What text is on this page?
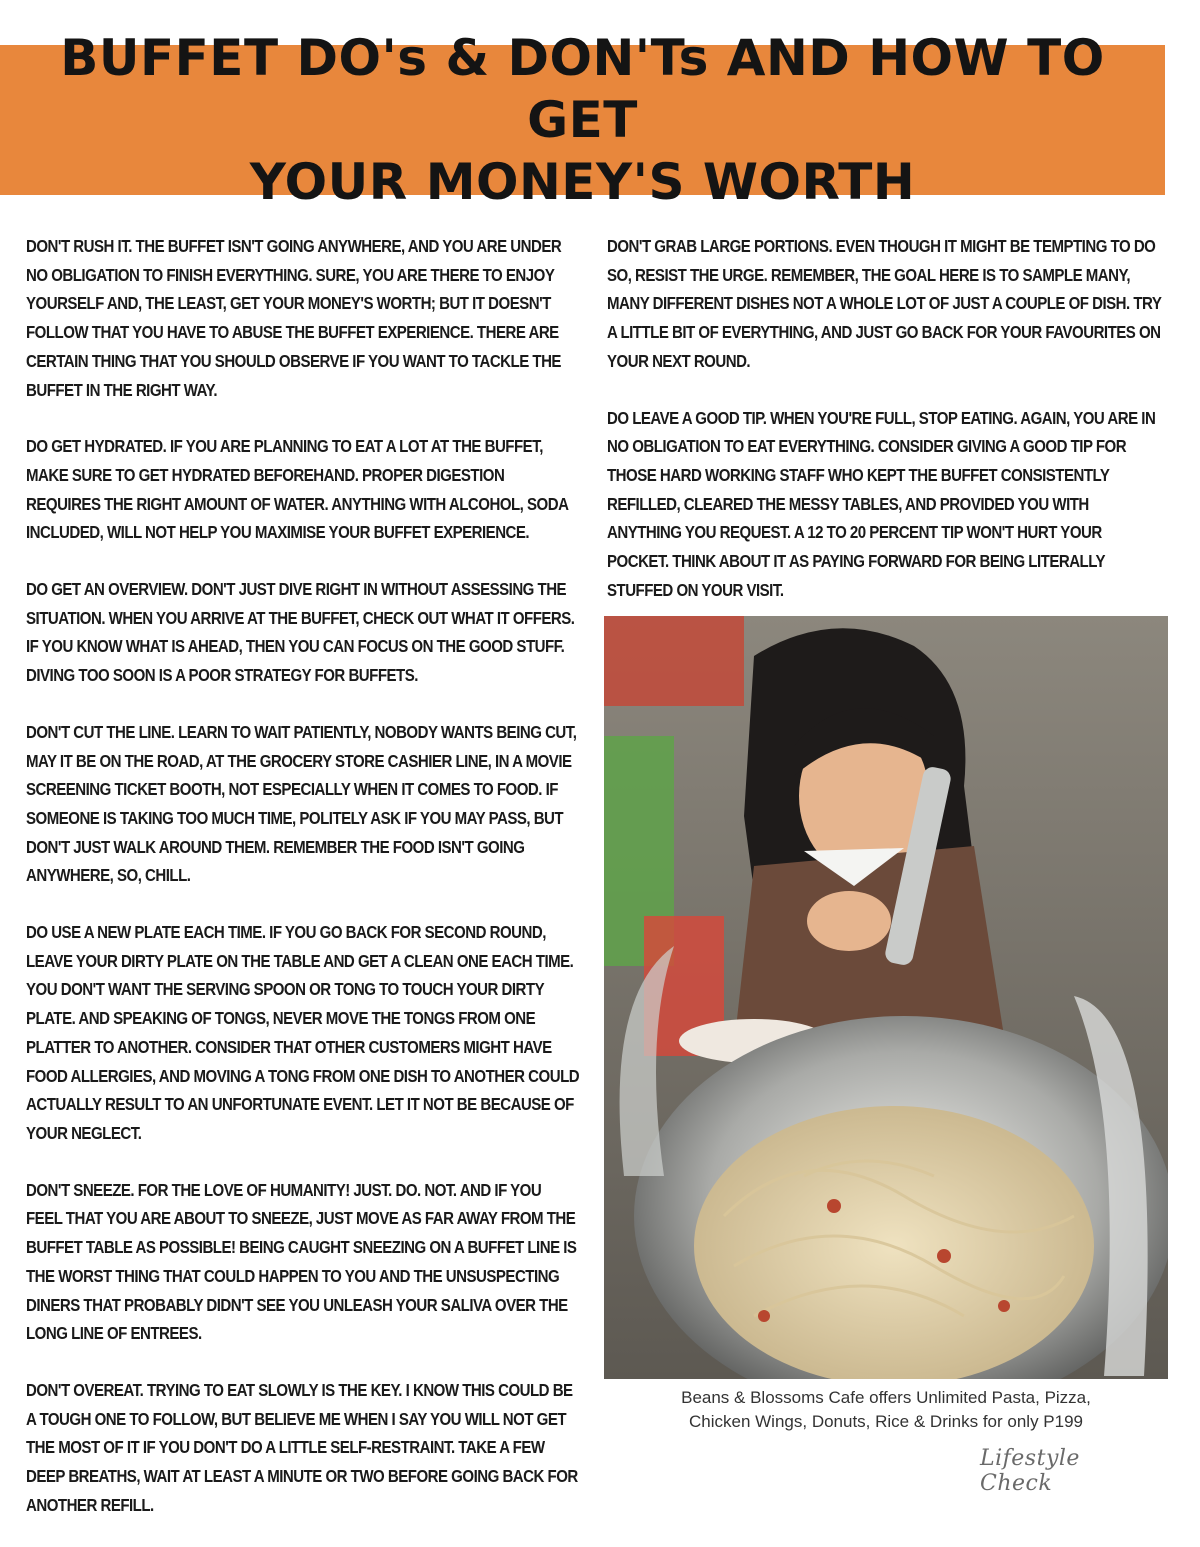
BUFFET DO's & DON'Ts AND HOW TO GET
YOUR MONEY'S WORTH

DON'T RUSH IT. THE BUFFET ISN'T GOING ANYWHERE, AND YOU ARE UNDER NO OBLIGATION TO FINISH EVERYTHING. SURE, YOU ARE THERE TO ENJOY YOURSELF AND, THE LEAST, GET YOUR MONEY'S WORTH; BUT IT DOESN'T FOLLOW THAT YOU HAVE TO ABUSE THE BUFFET EXPERIENCE. THERE ARE CERTAIN THING THAT YOU SHOULD OBSERVE IF YOU WANT TO TACKLE THE BUFFET IN THE RIGHT WAY.

DO GET HYDRATED. IF YOU ARE PLANNING TO EAT A LOT AT THE BUFFET, MAKE SURE TO GET HYDRATED BEFOREHAND. PROPER DIGESTION REQUIRES THE RIGHT AMOUNT OF WATER. ANYTHING WITH ALCOHOL, SODA INCLUDED, WILL NOT HELP YOU MAXIMISE YOUR BUFFET EXPERIENCE.

DO GET AN OVERVIEW. DON'T JUST DIVE RIGHT IN WITHOUT ASSESSING THE SITUATION. WHEN YOU ARRIVE AT THE BUFFET, CHECK OUT WHAT IT OFFERS. IF YOU KNOW WHAT IS AHEAD, THEN YOU CAN FOCUS ON THE GOOD STUFF. DIVING TOO SOON IS A POOR STRATEGY FOR BUFFETS.

DON'T CUT THE LINE. LEARN TO WAIT PATIENTLY, NOBODY WANTS BEING CUT, MAY IT BE ON THE ROAD, AT THE GROCERY STORE CASHIER LINE, IN A MOVIE SCREENING TICKET BOOTH, NOT ESPECIALLY WHEN IT COMES TO FOOD. IF SOMEONE IS TAKING TOO MUCH TIME, POLITELY ASK IF YOU MAY PASS, BUT DON'T JUST WALK AROUND THEM. REMEMBER THE FOOD ISN'T GOING ANYWHERE, SO, CHILL.

DO USE A NEW PLATE EACH TIME. IF YOU GO BACK FOR SECOND ROUND, LEAVE YOUR DIRTY PLATE ON THE TABLE AND GET A CLEAN ONE EACH TIME. YOU DON'T WANT THE SERVING SPOON OR TONG TO TOUCH YOUR DIRTY PLATE. AND SPEAKING OF TONGS, NEVER MOVE THE TONGS FROM ONE PLATTER TO ANOTHER. CONSIDER THAT OTHER CUSTOMERS MIGHT HAVE FOOD ALLERGIES, AND MOVING A TONG FROM ONE DISH TO ANOTHER COULD ACTUALLY RESULT TO AN UNFORTUNATE EVENT. LET IT NOT BE BECAUSE OF YOUR NEGLECT.

DON'T SNEEZE. FOR THE LOVE OF HUMANITY! JUST. DO. NOT. AND IF YOU FEEL THAT YOU ARE ABOUT TO SNEEZE, JUST MOVE AS FAR AWAY FROM THE BUFFET TABLE AS POSSIBLE! BEING CAUGHT SNEEZING ON A BUFFET LINE IS THE WORST THING THAT COULD HAPPEN TO YOU AND THE UNSUSPECTING DINERS THAT PROBABLY DIDN'T SEE YOU UNLEASH YOUR SALIVA OVER THE LONG LINE OF ENTREES.

DON'T OVEREAT. TRYING TO EAT SLOWLY IS THE KEY. I KNOW THIS COULD BE A TOUGH ONE TO FOLLOW, BUT BELIEVE ME WHEN I SAY YOU WILL NOT GET THE MOST OF IT IF YOU DON'T DO A LITTLE SELF-RESTRAINT. TAKE A FEW DEEP BREATHS, WAIT AT LEAST A MINUTE OR TWO BEFORE GOING BACK FOR ANOTHER REFILL.

DON'T GRAB LARGE PORTIONS. EVEN THOUGH IT MIGHT BE TEMPTING TO DO SO, RESIST THE URGE. REMEMBER, THE GOAL HERE IS TO SAMPLE MANY, MANY DIFFERENT DISHES NOT A WHOLE LOT OF JUST A COUPLE OF DISH. TRY A LITTLE BIT OF EVERYTHING, AND JUST GO BACK FOR YOUR FAVOURITES ON YOUR NEXT ROUND.

DO LEAVE A GOOD TIP. WHEN YOU'RE FULL, STOP EATING. AGAIN, YOU ARE IN NO OBLIGATION TO EAT EVERYTHING. CONSIDER GIVING A GOOD TIP FOR THOSE HARD WORKING STAFF WHO KEPT THE BUFFET CONSISTENTLY REFILLED, CLEARED THE MESSY TABLES, AND PROVIDED YOU WITH ANYTHING YOU REQUEST. A 12 TO 20 PERCENT TIP WON'T HURT YOUR POCKET. THINK ABOUT IT AS PAYING FORWARD FOR BEING LITERALLY STUFFED ON YOUR VISIT.

Beans & Blossoms Cafe offers Unlimited Pasta, Pizza,
Chicken Wings, Donuts, Rice & Drinks for only P199
Lifestyle Check
